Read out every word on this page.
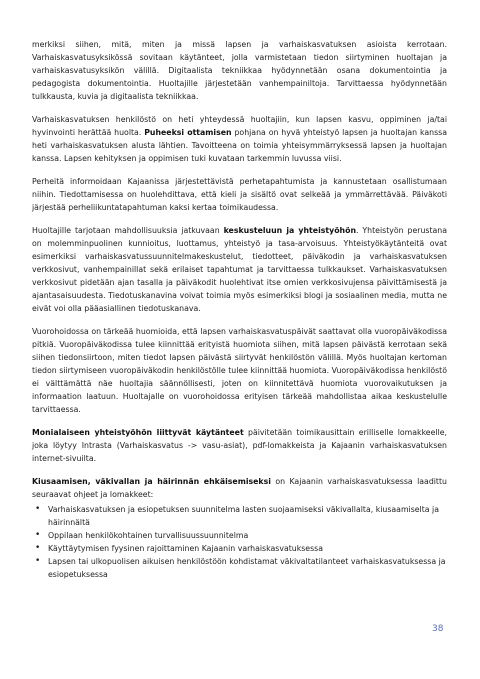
merkiksi siihen, mitä, miten ja missä lapsen ja varhaiskasvatuksen asioista kerrotaan. Varhaiskasvatusyksikössä sovitaan käytänteet, jolla varmistetaan tiedon siirtyminen huoltajan ja varhaiskasvatusyksikön välillä. Digitaalista tekniikkaa hyödynnetään osana dokumentointia ja pedagogista dokumentointia. Huoltajille järjestetään vanhempainiltoja. Tarvittaessa hyödynnetään tulkkausta, kuvia ja digitaalista tekniikkaa.

Varhaiskasvatuksen henkilöstö on heti yhteydessä huoltajiin, kun lapsen kasvu, oppiminen ja/tai hyvinvointi herättää huolta. Puheeksi ottamisen pohjana on hyvä yhteistyö lapsen ja huoltajan kanssa heti varhaiskasvatuksen alusta lähtien. Tavoitteena on toimia yhteisymmärryksessä lapsen ja huoltajan kanssa. Lapsen kehityksen ja oppimisen tuki kuvataan tarkemmin luvussa viisi.

Perheitä informoidaan Kajaanissa järjestettävistä perhetapahtumista ja kannustetaan osallistumaan niihin. Tiedottamisessa on huolehdittava, että kieli ja sisältö ovat selkeää ja ymmärrettävää. Päiväkoti järjestää perheliikuntatapahtuman kaksi kertaa toimikaudessa.

Huoltajille tarjotaan mahdollisuuksia jatkuvaan keskusteluun ja yhteistyöhön. Yhteistyön perustana on molemminpuolinen kunnioitus, luottamus, yhteistyö ja tasa-arvoisuus. Yhteistyökäytänteitä ovat esimerkiksi varhaiskasvatussuunnitelmakeskustelut, tiedotteet, päiväkodin ja varhaiskasvatuksen verkkosivut, vanhempainillat sekä erilaiset tapahtumat ja tarvittaessa tulkkaukset. Varhaiskasvatuksen verkkosivut pidetään ajan tasalla ja päiväkodit huolehtivat itse omien verkkosivujensa päivittämisestä ja ajantasaisuudesta. Tiedotuskanavina voivat toimia myös esimerkiksi blogi ja sosiaalinen media, mutta ne eivät voi olla pääasiallinen tiedotuskanava.

Vuorohoidossa on tärkeää huomioida, että lapsen varhaiskasvatuspäivät saattavat olla vuoropäiväkodissa pitkiä. Vuoropäiväkodissa tulee kiinnittää erityistä huomiota siihen, mitä lapsen päivästä kerrotaan sekä siihen tiedonsiirtoon, miten tiedot lapsen päivästä siirtyvät henkilöstön välillä. Myös huoltajan kertoman tiedon siirtymiseen vuoropäiväkodin henkilöstölle tulee kiinnittää huomiota. Vuoropäiväkodissa henkilöstö ei välttämättä näe huoltajia säännöllisesti, joten on kiinnitettävä huomiota vuorovaikutuksen ja informaation laatuun. Huoltajalle on vuorohoidossa erityisen tärkeää mahdollistaa aikaa keskustelulle tarvittaessa.

Monialaiseen yhteistyöhön liittyvät käytänteet päivitetään toimikausittain erilliselle lomakkeelle, joka löytyy Intrasta (Varhaiskasvatus -> vasu-asiat), pdf-lomakkeista ja Kajaanin varhaiskasvatuksen internet-sivuilta.

Kiusaamisen, väkivallan ja häirinnän ehkäisemiseksi on Kajaanin varhaiskasvatuksessa laadittu seuraavat ohjeet ja lomakkeet:

• Varhaiskasvatuksen ja esiopetuksen suunnitelma lasten suojaamiseksi väkivallalta, kiusaamiselta ja häirinnältä
• Oppilaan henkilökohtainen turvallisuussuunnitelma
• Käyttäytymisen fyysinen rajoittaminen Kajaanin varhaiskasvatuksessa
• Lapsen tai ulkopuolisen aikuisen henkilöstöön kohdistamat väkivaltatilanteet varhaiskasvatuksessa ja esiopetuksessa
38
